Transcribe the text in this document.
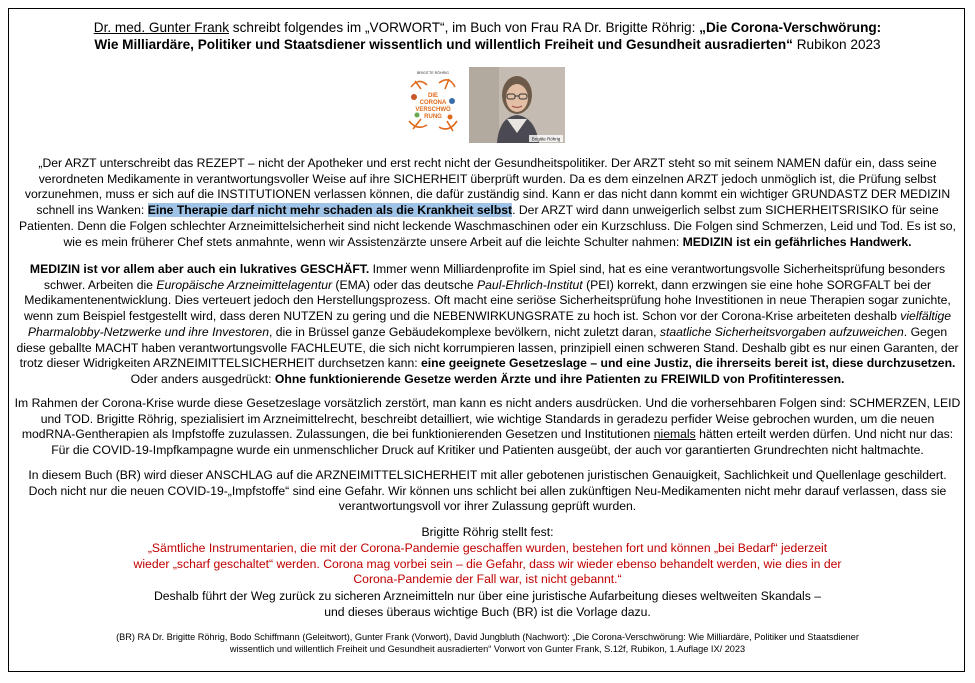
Dr. med. Gunter Frank schreibt folgendes im „VORWORT“, im Buch von Frau RA Dr. Brigitte Röhrig: „Die Corona-Verschwörung:
Wie Milliardäre, Politiker und Staatsdiener wissentlich und willentlich Freiheit und Gesundheit ausradierten“ Rubikon 2023
BRIGITTE RÖHRIG
DIE
CORONA
VERSCHWÖ
RUNG
Brigitte Röhrig
„Der ARZT unterschreibt das REZEPT – nicht der Apotheker und erst recht nicht der Gesundheitspolitiker. Der ARZT steht so mit seinem NAMEN dafür ein, dass seine verordneten Medikamente in verantwortungsvoller Weise auf ihre SICHERHEIT überprüft wurden. Da es dem einzelnen ARZT jedoch unmöglich ist, die Prüfung selbst vorzunehmen, muss er sich auf die INSTITUTIONEN verlassen können, die dafür zuständig sind. Kann er das nicht dann kommt ein wichtiger GRUNDASTZ DER MEDIZIN schnell ins Wanken: Eine Therapie darf nicht mehr schaden als die Krankheit selbst. Der ARZT wird dann unweigerlich selbst zum SICHERHEITSRISIKO für seine Patienten. Denn die Folgen schlechter Arzneimittelsicherheit sind nicht leckende Waschmaschinen oder ein Kurzschluss. Die Folgen sind Schmerzen, Leid und Tod. Es ist so, wie es mein früherer Chef stets anmahnte, wenn wir Assistenzärzte unsere Arbeit auf die leichte Schulter nahmen: MEDIZIN ist ein gefährliches Handwerk.
MEDIZIN ist vor allem aber auch ein lukratives GESCHÄFT. Immer wenn Milliardenprofite im Spiel sind, hat es eine verantwortungsvolle Sicherheitsprüfung besonders schwer. Arbeiten die Europäische Arzneimittelagentur (EMA) oder das deutsche Paul-Ehrlich-Institut (PEI) korrekt, dann erzwingen sie eine hohe SORGFALT bei der Medikamentenentwicklung. Dies verteuert jedoch den Herstellungsprozess. Oft macht eine seriöse Sicherheitsprüfung hohe Investitionen in neue Therapien sogar zunichte, wenn zum Beispiel festgestellt wird, dass deren NUTZEN zu gering und die NEBENWIRKUNGSRATE zu hoch ist. Schon vor der Corona-Krise arbeiteten deshalb vielfältige Pharmalobby-Netzwerke und ihre Investoren, die in Brüssel ganze Gebäudekomplexe bevölkern, nicht zuletzt daran, staatliche Sicherheitsvorgaben aufzuweichen. Gegen diese geballte MACHT haben verantwortungsvolle FACHLEUTE, die sich nicht korrumpieren lassen, prinzipiell einen schweren Stand. Deshalb gibt es nur einen Garanten, der trotz dieser Widrigkeiten ARZNEIMITTELSICHERHEIT durchsetzen kann: eine geeignete Gesetzeslage – und eine Justiz, die ihrerseits bereit ist, diese durchzusetzen. Oder anders ausgedrückt: Ohne funktionierende Gesetze werden Ärzte und ihre Patienten zu FREIWILD von Profitinteressen.
Im Rahmen der Corona-Krise wurde diese Gesetzeslage vorsätzlich zerstört, man kann es nicht anders ausdrücken. Und die vorhersehbaren Folgen sind: SCHMERZEN, LEID und TOD. Brigitte Röhrig, spezialisiert im Arzneimittelrecht, beschreibt detailliert, wie wichtige Standards in geradezu perfider Weise gebrochen wurden, um die neuen modRNA-Gentherapien als Impfstoffe zuzulassen. Zulassungen, die bei funktionierenden Gesetzen und Institutionen niemals hätten erteilt werden dürfen. Und nicht nur das: Für die COVID-19-Impfkampagne wurde ein unmenschlicher Druck auf Kritiker und Patienten ausgeübt, der auch vor garantierten Grundrechten nicht haltmachte.
In diesem Buch (BR) wird dieser ANSCHLAG auf die ARZNEIMITTELSICHERHEIT mit aller gebotenen juristischen Genauigkeit, Sachlichkeit und Quellenlage geschildert. Doch nicht nur die neuen COVID-19-„Impfstoffe“ sind eine Gefahr. Wir können uns schlicht bei allen zukünftigen Neu-Medikamenten nicht mehr darauf verlassen, dass sie verantwortungsvoll vor ihrer Zulassung geprüft wurden.
Brigitte Röhrig stellt fest:
„Sämtliche Instrumentarien, die mit der Corona-Pandemie geschaffen wurden, bestehen fort und können „bei Bedarf“ jederzeit wieder „scharf geschaltet“ werden. Corona mag vorbei sein – die Gefahr, dass wir wieder ebenso behandelt werden, wie dies in der Corona-Pandemie der Fall war, ist nicht gebannt.“
Deshalb führt der Weg zurück zu sicheren Arzneimitteln nur über eine juristische Aufarbeitung dieses weltweiten Skandals – und dieses überaus wichtige Buch (BR) ist die Vorlage dazu.
(BR) RA Dr. Brigitte Röhrig, Bodo Schiffmann (Geleitwort), Gunter Frank (Vorwort), David Jungbluth (Nachwort): „Die Corona-Verschwörung: Wie Milliardäre, Politiker und Staatsdiener wissentlich und willentlich Freiheit und Gesundheit ausradierten“ Vorwort von Gunter Frank, S.12f, Rubikon, 1.Auflage IX/ 2023
